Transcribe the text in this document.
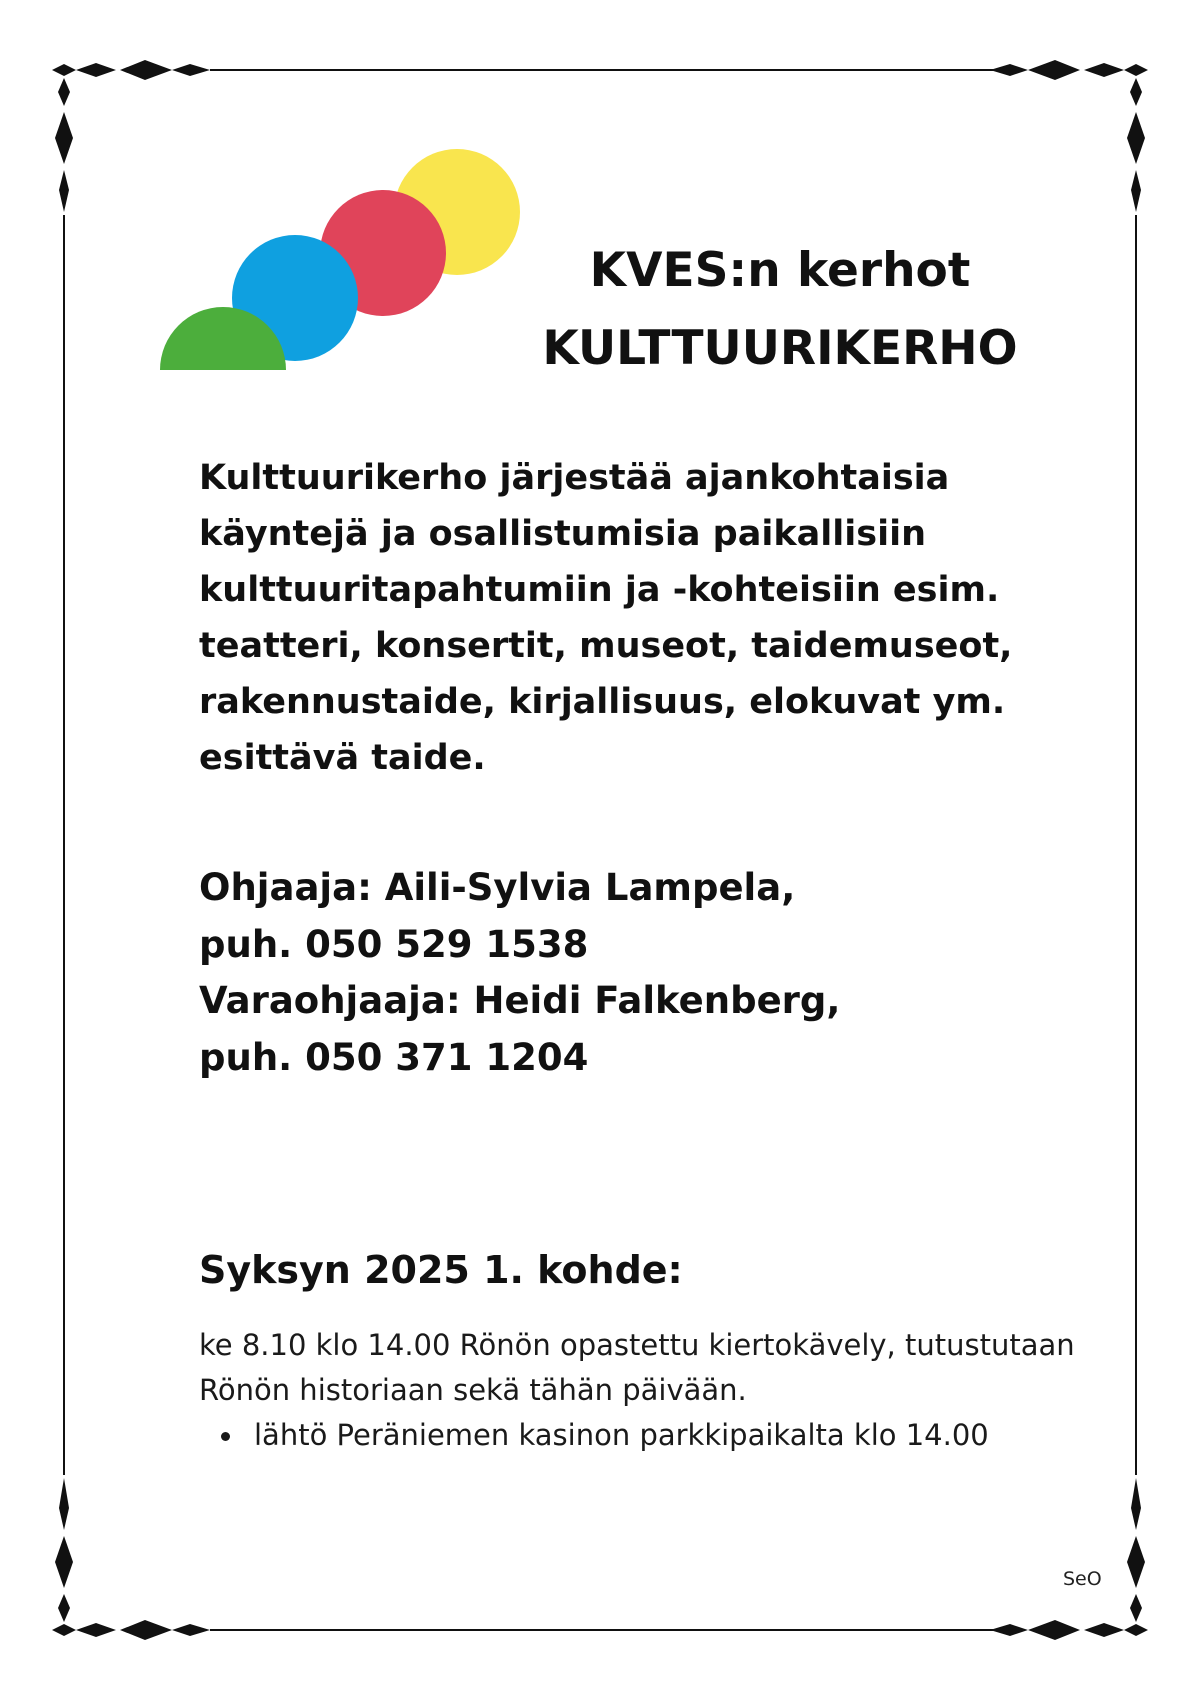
KVES:n kerhot
KULTTUURIKERHO
Kulttuurikerho järjestää ajankohtaisia
käyntejä ja osallistumisia paikallisiin
kulttuuritapahtumiin ja -kohteisiin esim.
teatteri, konsertit, museot, taidemuseot,
rakennustaide, kirjallisuus, elokuvat ym.
esittävä taide.
Ohjaaja: Aili-Sylvia Lampela,
puh. 050 529 1538
Varaohjaaja: Heidi Falkenberg,
puh. 050 371 1204
Syksyn 2025 1. kohde:
ke 8.10 klo 14.00 Rönön opastettu kiertokävely, tutustutaan
Rönön historiaan sekä tähän päivään.
lähtö Peräniemen kasinon parkkipaikalta klo 14.00
SeO
